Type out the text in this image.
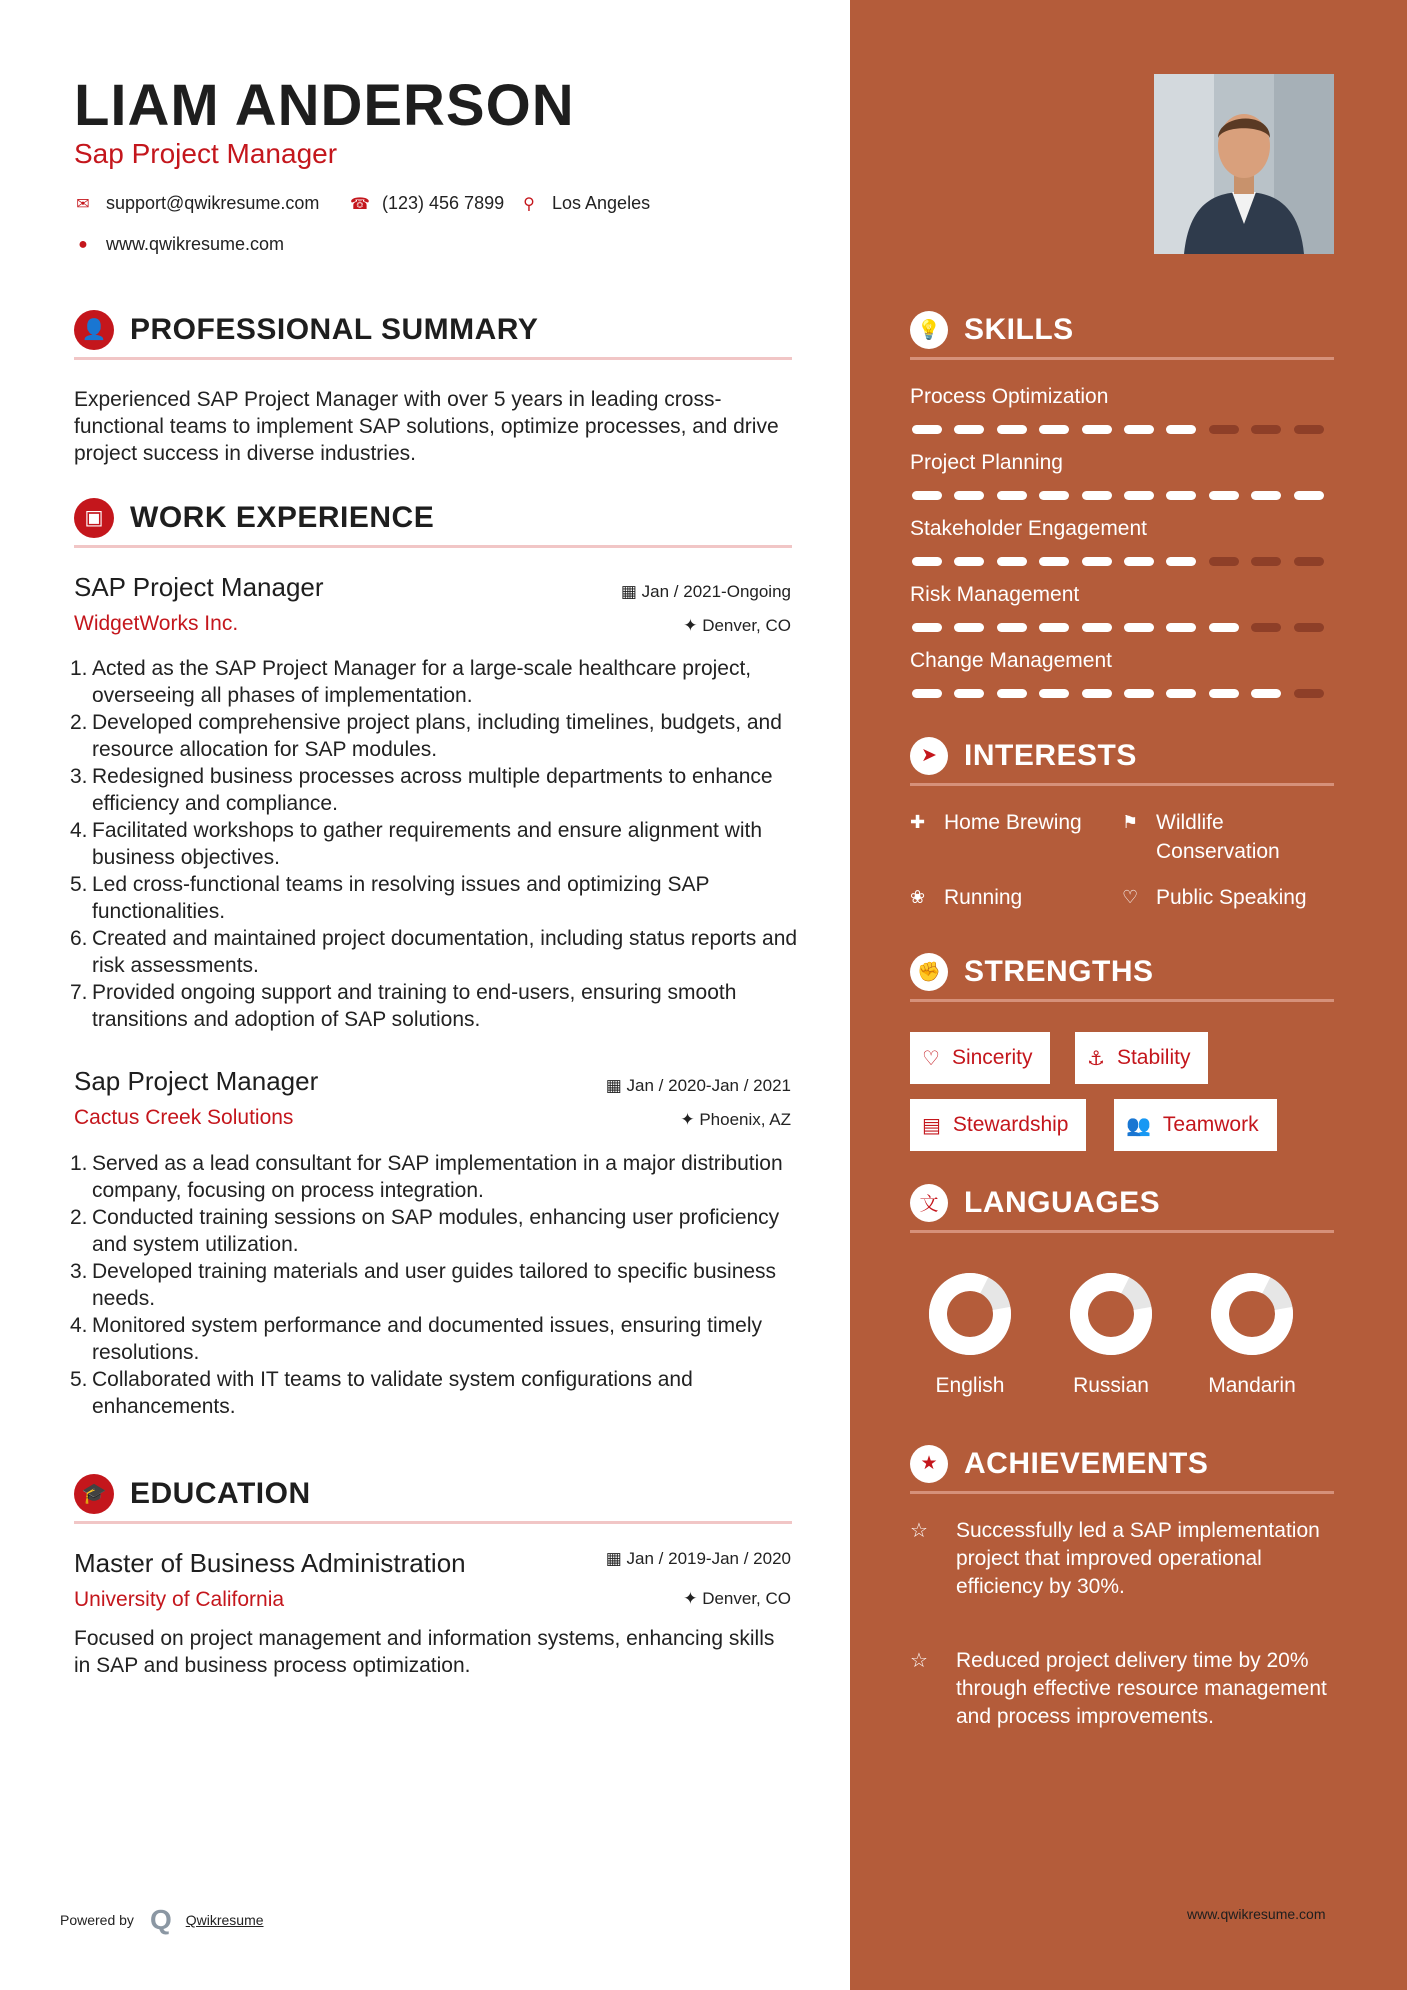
LIAM ANDERSON
Sap Project Manager
✉ support@qwikresume.com ☎ (123) 456 7899 ⚲ Los Angeles
● www.qwikresume.com
👤 PROFESSIONAL SUMMARY
Experienced SAP Project Manager with over 5 years in leading cross-functional teams to implement SAP solutions, optimize processes, and drive project success in diverse industries.
▣ WORK EXPERIENCE
SAP Project Manager
WidgetWorks Inc.
▦ Jan / 2021-Ongoing
✦ Denver, CO
1. Acted as the SAP Project Manager for a large-scale healthcare project, overseeing all phases of implementation.
2. Developed comprehensive project plans, including timelines, budgets, and resource allocation for SAP modules.
3. Redesigned business processes across multiple departments to enhance efficiency and compliance.
4. Facilitated workshops to gather requirements and ensure alignment with business objectives.
5. Led cross-functional teams in resolving issues and optimizing SAP functionalities.
6. Created and maintained project documentation, including status reports and risk assessments.
7. Provided ongoing support and training to end-users, ensuring smooth transitions and adoption of SAP solutions.
Sap Project Manager
Cactus Creek Solutions
▦ Jan / 2020-Jan / 2021
✦ Phoenix, AZ
1. Served as a lead consultant for SAP implementation in a major distribution company, focusing on process integration.
2. Conducted training sessions on SAP modules, enhancing user proficiency and system utilization.
3. Developed training materials and user guides tailored to specific business needs.
4. Monitored system performance and documented issues, ensuring timely resolutions.
5. Collaborated with IT teams to validate system configurations and enhancements.
🎓 EDUCATION
Master of Business Administration
University of California
▦ Jan / 2019-Jan / 2020
✦ Denver, CO
Focused on project management and information systems, enhancing skills in SAP and business process optimization.
💡 SKILLS
Process Optimization
Project Planning
Stakeholder Engagement
Risk Management
Change Management
➤ INTERESTS
✚ Home Brewing ⚑ Wildlife Conservation
❀ Running	♡ Public Speaking
✊ STRENGTHS
♡ Sincerity	⚓ Stability
▤ Stewardship	👥 Teamwork
文 LANGUAGES
English	Russian	Mandarin
★ ACHIEVEMENTS
☆	Successfully led a SAP implementation project that improved operational efficiency by 30%.
☆	Reduced project delivery time by 20% through effective resource management and process improvements.
Powered by Q Qwikresume	www.qwikresume.com
